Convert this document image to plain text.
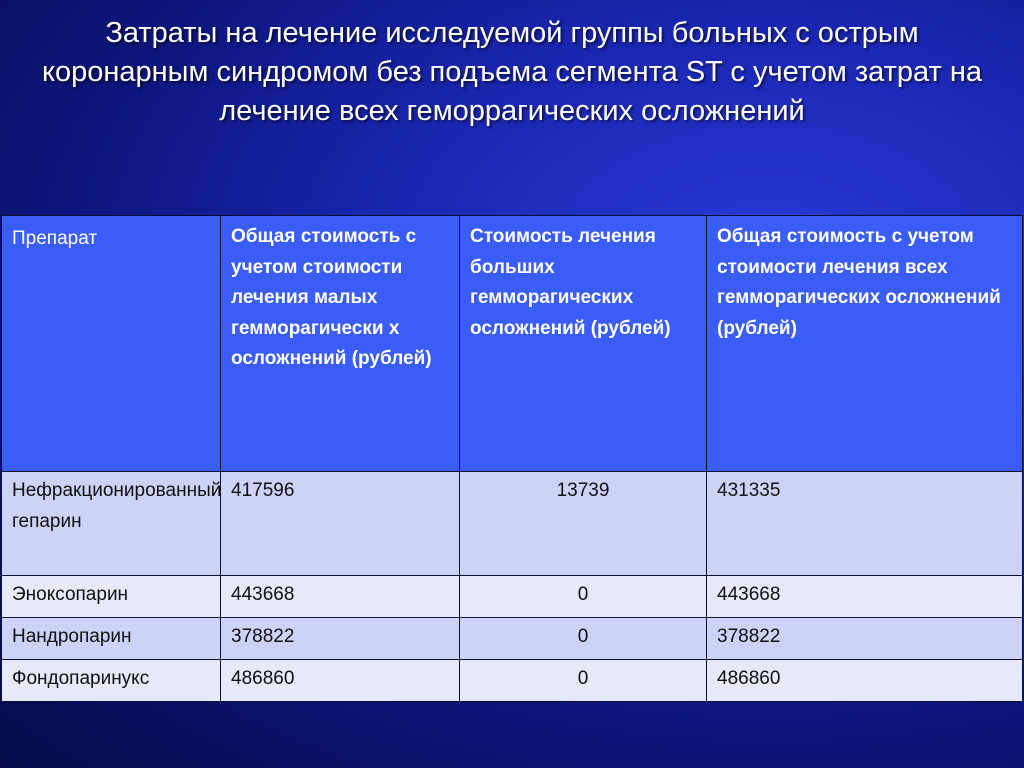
Затраты на лечение исследуемой группы больных с острым коронарным синдромом без подъема сегмента ST с учетом затрат на лечение всех геморрагических осложнений
Препарат	Общая стоимость с учетом стоимости лечения малых гемморагически х осложнений (рублей)	Стоимость лечения больших гемморагических осложнений (рублей)	Общая стоимость с учетом стоимости лечения всех гемморагических осложнений (рублей)
Нефракционированный гепарин	417596	13739	431335
Эноксопарин	443668	0	443668
Нандропарин	378822	0	378822
Фондопаринукс	486860	0	486860
